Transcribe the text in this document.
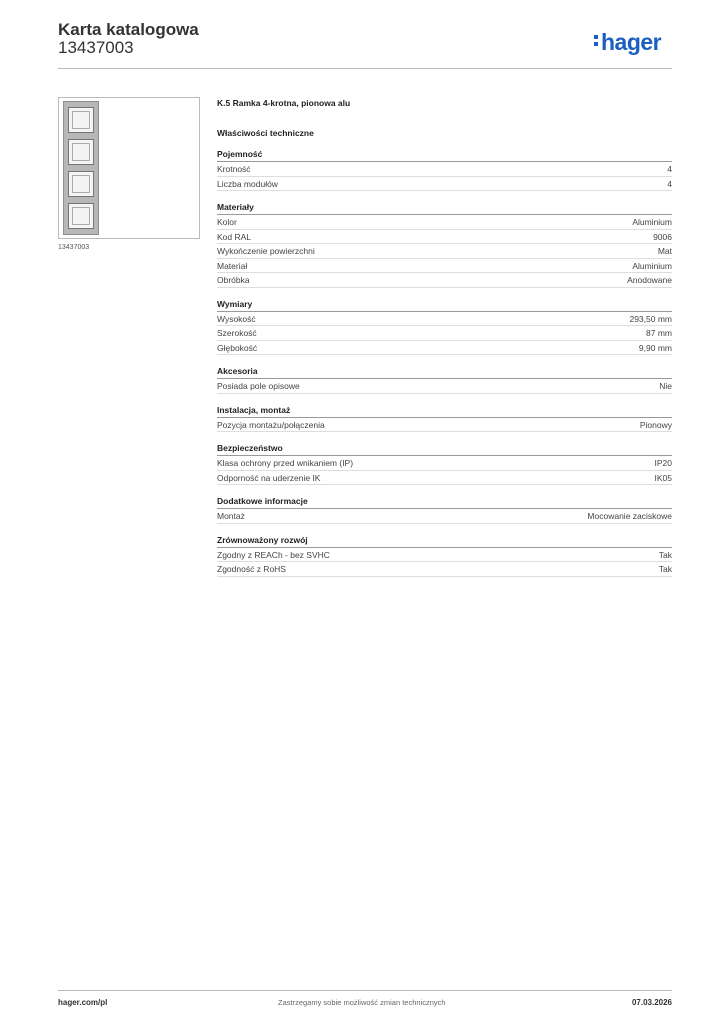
Karta katalogowa
13437003	hager
13437003
K.5 Ramka 4-krotna, pionowa alu
Właściwości techniczne
Pojemność
Krotność	4
Liczba modułów	4
Materiały
Kolor	Aluminium
Kod RAL	9006
Wykończenie powierzchni	Mat
Materiał	Aluminium
Obróbka	Anodowane
Wymiary
Wysokość	293,50 mm
Szerokość	87 mm
Głębokość	9,90 mm
Akcesoria
Posiada pole opisowe	Nie
Instalacja, montaż
Pozycja montażu/połączenia	Pionowy
Bezpieczeństwo
Klasa ochrony przed wnikaniem (IP)	IP20
Odporność na uderzenie IK	IK05
Dodatkowe informacje
Montaż	Mocowanie zaciskowe
Zrównoważony rozwój
Zgodny z REACh - bez SVHC	Tak
Zgodność z RoHS	Tak
hager.com/pl	Zastrzegamy sobie możliwość zmian technicznych	07.03.2026
